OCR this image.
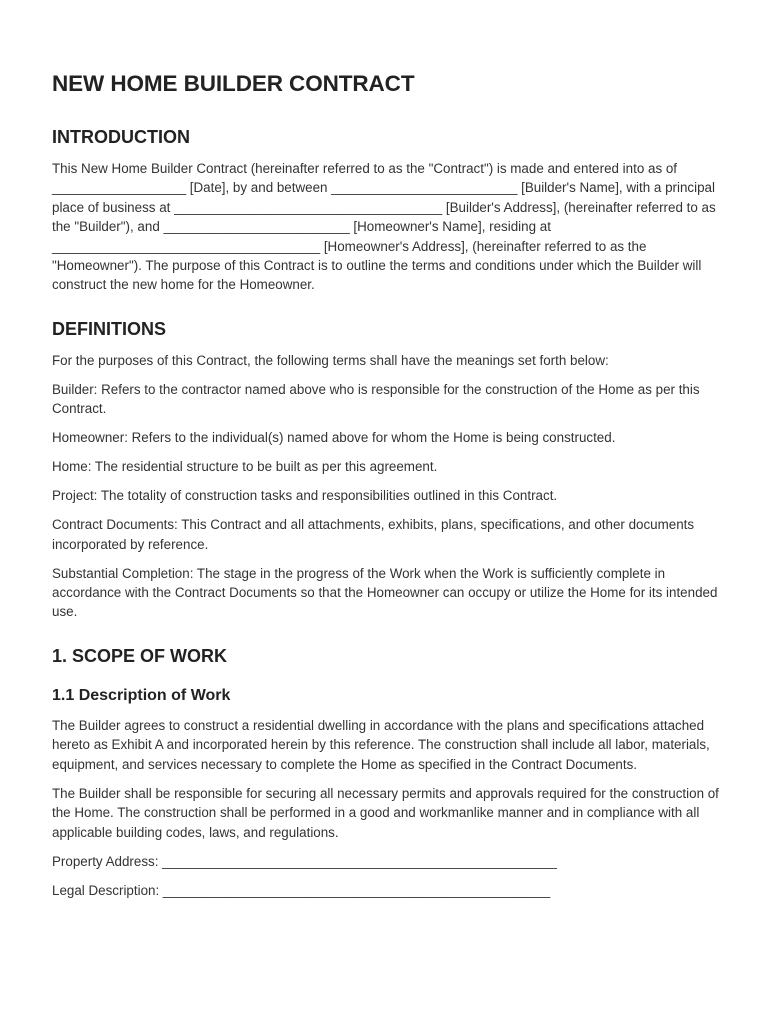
NEW HOME BUILDER CONTRACT
INTRODUCTION

This New Home Builder Contract (hereinafter referred to as the "Contract") is made and entered into as of __________________ [Date], by and between _________________________ [Builder's Name], with a principal place of business at ____________________________________ [Builder's Address], (hereinafter referred to as the "Builder"), and _________________________ [Homeowner's Name], residing at ____________________________________ [Homeowner's Address], (hereinafter referred to as the "Homeowner"). The purpose of this Contract is to outline the terms and conditions under which the Builder will construct the new home for the Homeowner.

DEFINITIONS

For the purposes of this Contract, the following terms shall have the meanings set forth below:

Builder: Refers to the contractor named above who is responsible for the construction of the Home as per this Contract.

Homeowner: Refers to the individual(s) named above for whom the Home is being constructed.

Home: The residential structure to be built as per this agreement.

Project: The totality of construction tasks and responsibilities outlined in this Contract.

Contract Documents: This Contract and all attachments, exhibits, plans, specifications, and other documents incorporated by reference.

Substantial Completion: The stage in the progress of the Work when the Work is sufficiently complete in accordance with the Contract Documents so that the Homeowner can occupy or utilize the Home for its intended use.

1. SCOPE OF WORK
1.1 Description of Work

The Builder agrees to construct a residential dwelling in accordance with the plans and specifications attached hereto as Exhibit A and incorporated herein by this reference. The construction shall include all labor, materials, equipment, and services necessary to complete the Home as specified in the Contract Documents.

The Builder shall be responsible for securing all necessary permits and approvals required for the construction of the Home. The construction shall be performed in a good and workmanlike manner and in compliance with all applicable building codes, laws, and regulations.

Property Address: _____________________________________________________

Legal Description: ____________________________________________________
